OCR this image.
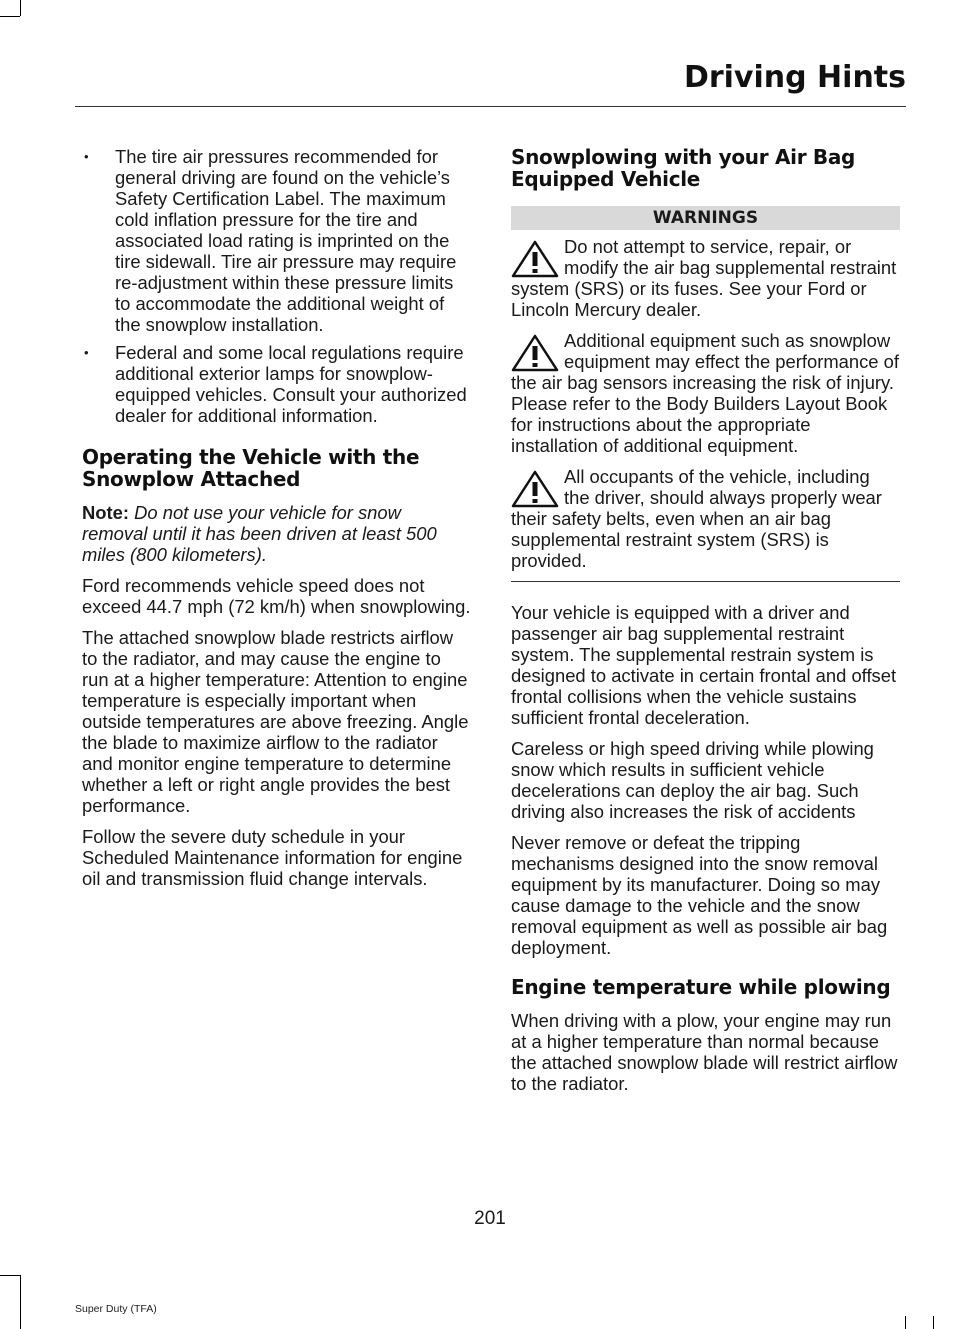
Driving Hints
• The tire air pressures recommended for general driving are found on the vehicle’s Safety Certification Label. The maximum cold inflation pressure for the tire and associated load rating is imprinted on the tire sidewall. Tire air pressure may require re-adjustment within these pressure limits to accommodate the additional weight of the snowplow installation.
• Federal and some local regulations require additional exterior lamps for snowplow-equipped vehicles. Consult your authorized dealer for additional information.
Operating the Vehicle with the Snowplow Attached

Note: Do not use your vehicle for snow removal until it has been driven at least 500 miles (800 kilometers).

Ford recommends vehicle speed does not exceed 44.7 mph (72 km/h) when snowplowing.

The attached snowplow blade restricts airflow to the radiator, and may cause the engine to run at a higher temperature: Attention to engine temperature is especially important when outside temperatures are above freezing. Angle the blade to maximize airflow to the radiator and monitor engine temperature to determine whether a left or right angle provides the best performance.

Follow the severe duty schedule in your Scheduled Maintenance information for engine oil and transmission fluid change intervals.

Snowplowing with your Air Bag Equipped Vehicle
WARNINGS
Do not attempt to service, repair, or modify the air bag supplemental restraint system (SRS) or its fuses. See your Ford or Lincoln Mercury dealer.
Additional equipment such as snowplow equipment may effect the performance of the air bag sensors increasing the risk of injury. Please refer to the Body Builders Layout Book for instructions about the appropriate installation of additional equipment.
All occupants of the vehicle, including the driver, should always properly wear their safety belts, even when an air bag supplemental restraint system (SRS) is provided.

Your vehicle is equipped with a driver and passenger air bag supplemental restraint system. The supplemental restrain system is designed to activate in certain frontal and offset frontal collisions when the vehicle sustains sufficient frontal deceleration.

Careless or high speed driving while plowing snow which results in sufficient vehicle decelerations can deploy the air bag. Such driving also increases the risk of accidents

Never remove or defeat the tripping mechanisms designed into the snow removal equipment by its manufacturer. Doing so may cause damage to the vehicle and the snow removal equipment as well as possible air bag deployment.

Engine temperature while plowing

When driving with a plow, your engine may run at a higher temperature than normal because the attached snowplow blade will restrict airflow to the radiator.

201
Super Duty (TFA)
